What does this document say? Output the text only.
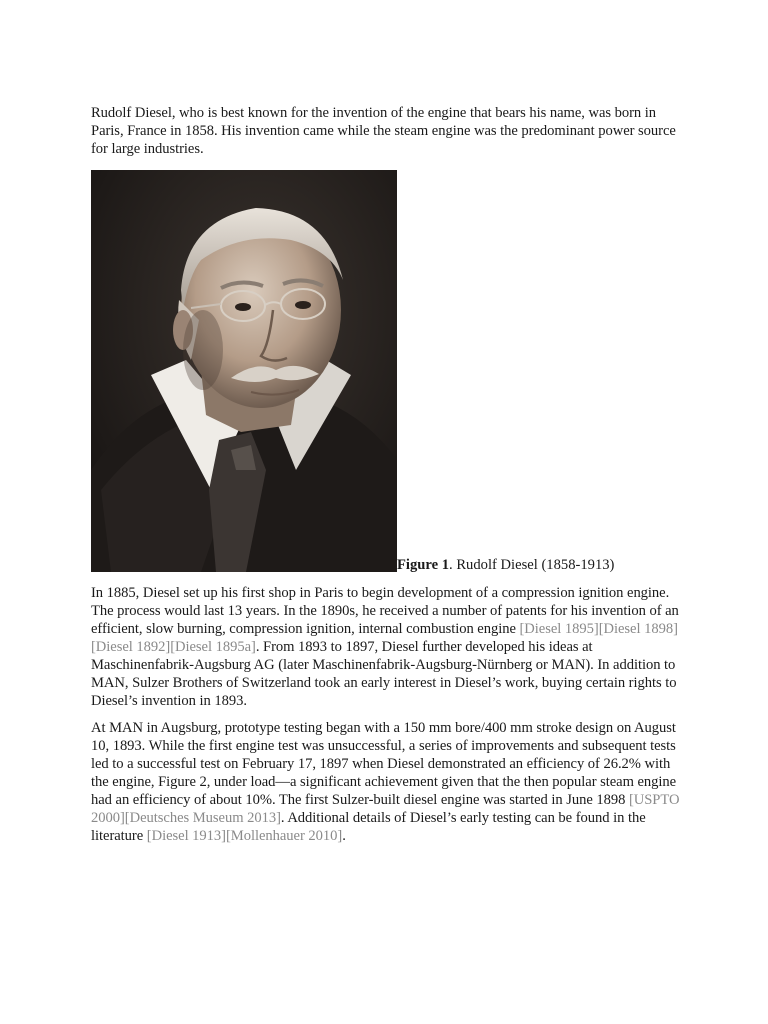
Rudolf Diesel, who is best known for the invention of the engine that bears his name, was born in Paris, France in 1858. His invention came while the steam engine was the predominant power source for large industries.

Figure 1. Rudolf Diesel (1858-1913)

In 1885, Diesel set up his first shop in Paris to begin development of a compression ignition engine. The process would last 13 years. In the 1890s, he received a number of patents for his invention of an efficient, slow burning, compression ignition, internal combustion engine [Diesel 1895][Diesel 1898][Diesel 1892][Diesel 1895a]. From 1893 to 1897, Diesel further developed his ideas at Maschinenfabrik-Augsburg AG (later Maschinenfabrik-Augsburg-Nürnberg or MAN). In addition to MAN, Sulzer Brothers of Switzerland took an early interest in Diesel’s work, buying certain rights to Diesel’s invention in 1893.

At MAN in Augsburg, prototype testing began with a 150 mm bore/400 mm stroke design on August 10, 1893. While the first engine test was unsuccessful, a series of improvements and subsequent tests led to a successful test on February 17, 1897 when Diesel demonstrated an efficiency of 26.2% with the engine, Figure 2, under load—a significant achievement given that the then popular steam engine had an efficiency of about 10%. The first Sulzer-built diesel engine was started in June 1898 [USPTO 2000][Deutsches Museum 2013]. Additional details of Diesel’s early testing can be found in the literature [Diesel 1913][Mollenhauer 2010].
